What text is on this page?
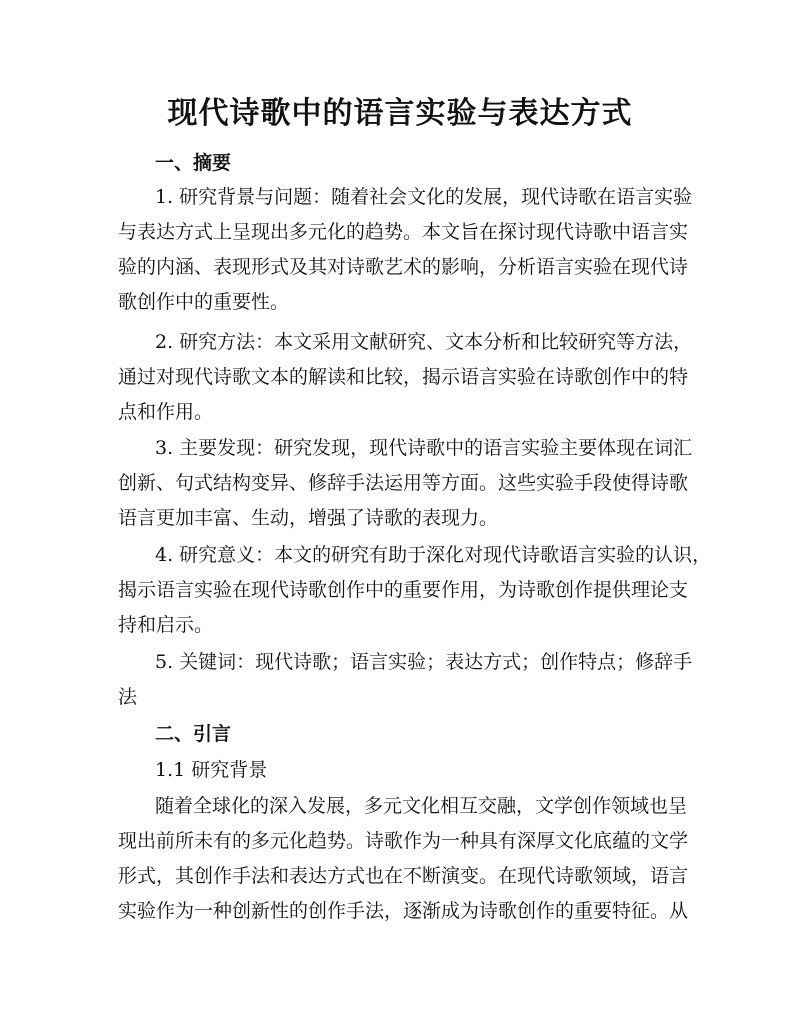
现代诗歌中的语言实验与表达方式
一、摘要
1. 研究背景与问题：随着社会文化的发展，现代诗歌在语言实验
与表达方式上呈现出多元化的趋势。本文旨在探讨现代诗歌中语言实
验的内涵、表现形式及其对诗歌艺术的影响，分析语言实验在现代诗
歌创作中的重要性。
2. 研究方法：本文采用文献研究、文本分析和比较研究等方法，
通过对现代诗歌文本的解读和比较，揭示语言实验在诗歌创作中的特
点和作用。
3. 主要发现：研究发现，现代诗歌中的语言实验主要体现在词汇
创新、句式结构变异、修辞手法运用等方面。这些实验手段使得诗歌
语言更加丰富、生动，增强了诗歌的表现力。
4. 研究意义：本文的研究有助于深化对现代诗歌语言实验的认识，
揭示语言实验在现代诗歌创作中的重要作用，为诗歌创作提供理论支
持和启示。
5. 关键词：现代诗歌；语言实验；表达方式；创作特点；修辞手
法
二、引言
1.1 研究背景
随着全球化的深入发展，多元文化相互交融，文学创作领域也呈
现出前所未有的多元化趋势。诗歌作为一种具有深厚文化底蕴的文学
形式，其创作手法和表达方式也在不断演变。在现代诗歌领域，语言
实验作为一种创新性的创作手法，逐渐成为诗歌创作的重要特征。从
